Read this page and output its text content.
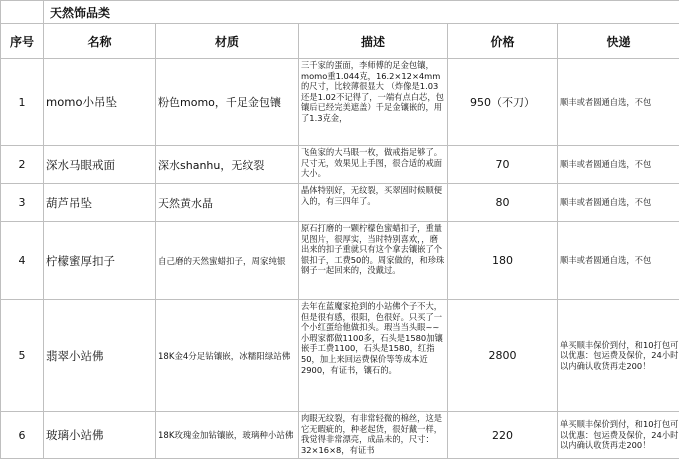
	天然饰品类				
序号	名称	材质	描述	价格	快递
1	momo小吊坠	粉色momo，千足金包镶	三千家的蛋面，李师傅的足金包镶，momo重1.044克，16.2×12×4mm的尺寸，比较薄很显大 （炸像是1.03还是1.02不记得了，一端有点白芯，包镶后已经完美遮盖）千足金镶嵌的，用了1.3克金，	950（不刀）	顺丰或者圆通自选，不包
2	深水马眼戒面	深水shanhu，无纹裂	飞鱼家的大马眼一枚，做戒指足够了。尺寸无，效果见上手图，很合适的戒面大小。	70	顺丰或者圆通自选，不包
3	葫芦吊坠	天然黄水晶	晶体特别好，无纹裂，买翠固时候顺便入的，有三四年了。	80	顺丰或者圆通自选，不包
4	柠檬蜜厚扣子	自己磨的天然蜜蜡扣子，周家纯银	原石打磨的一颗柠檬色蜜蜡扣子，重量见图片，很厚实，当时特别喜欢，，磨出来的扣子重就只有这个拿去镶嵌了个银扣子，工费50的。周家做的，和珍珠钢子一起回来的，没戴过。	180	顺丰或者圆通自选，不包
5	翡翠小站佛	18K金4分足钻镶嵌，冰糯阳绿站佛	去年在蓝魔家抢到的小站佛个子不大，但是很有感，很阳，色很好。只买了一个小红蛋给他做扣头。瑕当当头眼~~小瑕家都做1100多，石头是1580加镶嵌手工费1100，石头是1580，红指50，加上来回运费保价等等成本近2900，有证书，镶石的。	2800	单买顺丰保价到付，和10打包可以优惠：包运费及保价，24小时以内确认收货再走200！
6	玻璃小站佛	18K玫瑰金加钻镶嵌，玻璃种小站佛	肉眼无纹裂，有非常轻微的棉丝，这是它无暇疵的，种老起货，很好戴一样，我觉得非常漂亮，成品未的，尺寸：32×16×8，有证书	220	单买顺丰保价到付，和10打包可以优惠：包运费及保价，24小时以内确认收货再走200！
